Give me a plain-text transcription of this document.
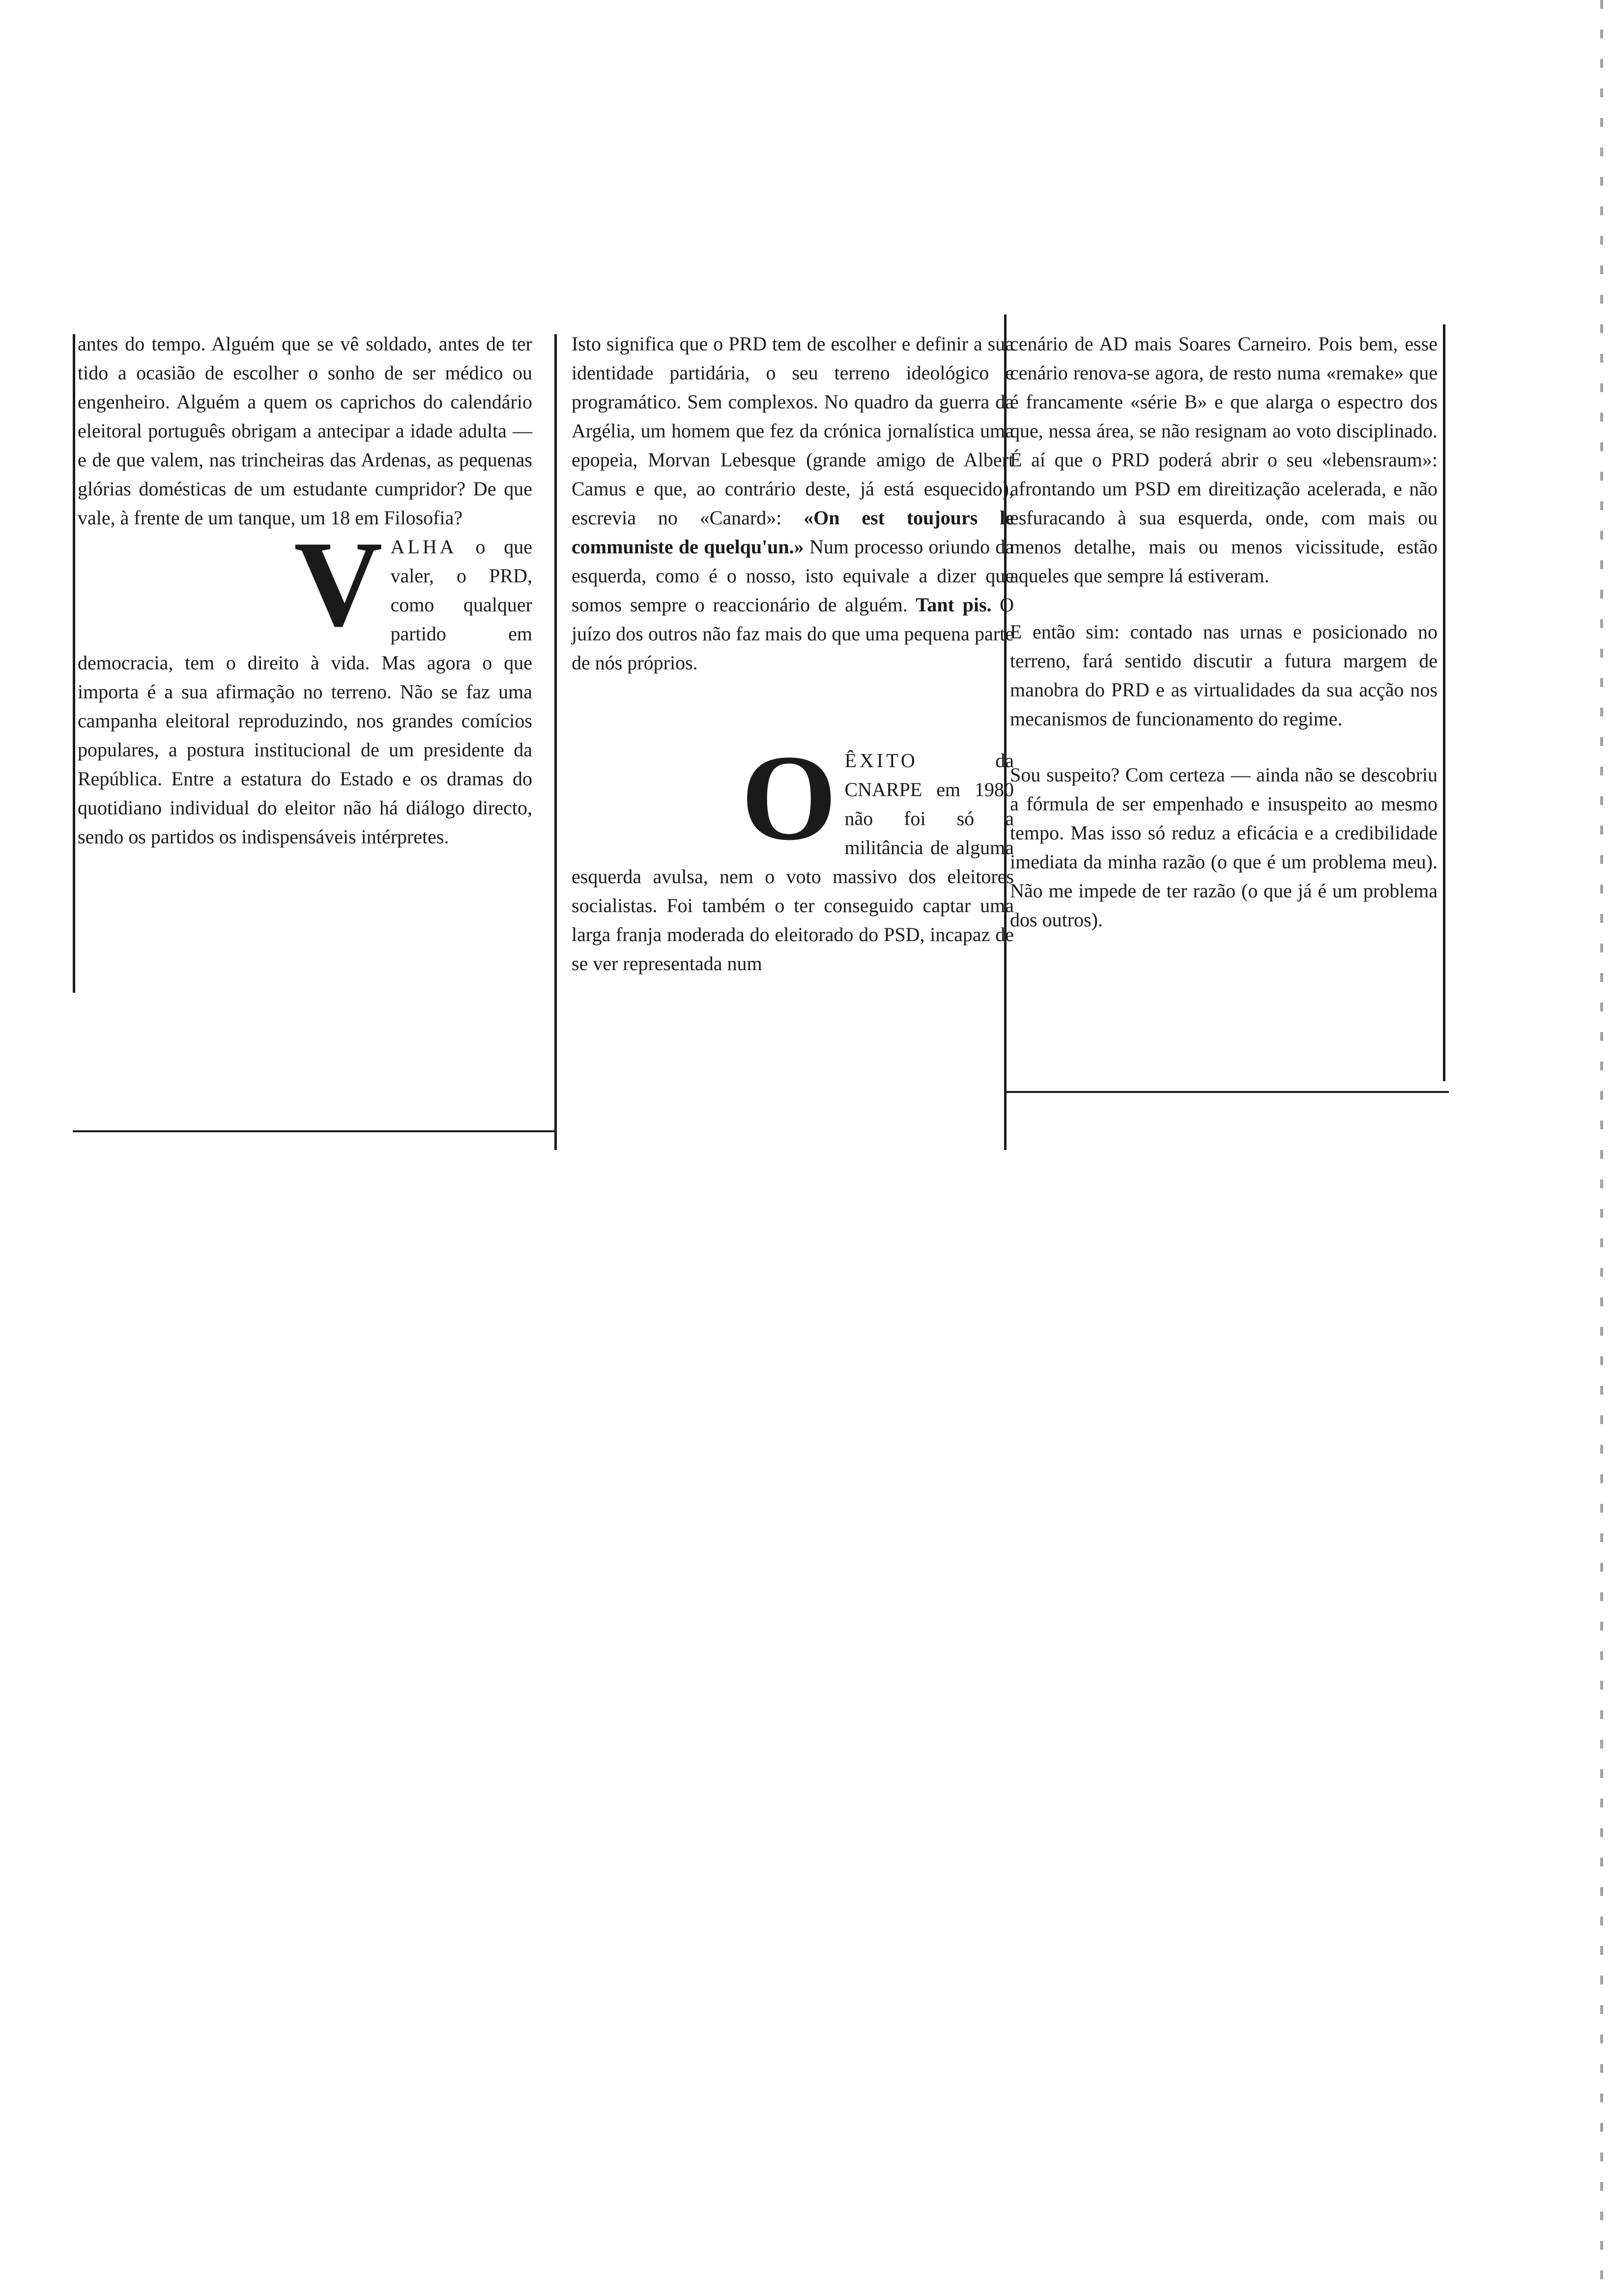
antes do tempo. Alguém que se vê soldado, antes de ter tido a ocasião de escolher o sonho de ser médico ou engenheiro. Alguém a quem os caprichos do calendário eleitoral português obrigam a antecipar a idade adulta — e de que valem, nas trincheiras das Ardenas, as pequenas glórias domésticas de um estudante cumpridor? De que vale, à frente de um tanque, um 18 em Filosofia?

VALHA o que valer, o PRD, como qualquer partido em democracia, tem o direito à vida. Mas agora o que importa é a sua afirmação no terreno. Não se faz uma campanha eleitoral reproduzindo, nos grandes comícios populares, a postura institucional de um presidente da República. Entre a estatura do Estado e os dramas do quotidiano individual do eleitor não há diálogo directo, sendo os partidos os indispensáveis intérpretes.

Isto significa que o PRD tem de escolher e definir a sua identidade partidária, o seu terreno ideológico e programático. Sem complexos. No quadro da guerra da Argélia, um homem que fez da crónica jornalística uma epopeia, Morvan Lebesque (grande amigo de Albert Camus e que, ao contrário deste, já está esquecido), escrevia no «Canard»: «On est toujours le communiste de quelqu'un.» Num processo oriundo da esquerda, como é o nosso, isto equivale a dizer que somos sempre o reaccionário de alguém. Tant pis. O juízo dos outros não faz mais do que uma pequena parte de nós próprios.

OÊXITO da CNARPE em 1980 não foi só a militância de alguma esquerda avulsa, nem o voto massivo dos eleitores socialistas. Foi também o ter conseguido captar uma larga franja moderada do eleitorado do PSD, incapaz de se ver representada num

cenário de AD mais Soares Carneiro. Pois bem, esse cenário renova-se agora, de resto numa «remake» que é francamente «série B» e que alarga o espectro dos que, nessa área, se não resignam ao voto disciplinado. É aí que o PRD poderá abrir o seu «lebensraum»: afrontando um PSD em direitização acelerada, e não esfuracando à sua esquerda, onde, com mais ou menos detalhe, mais ou menos vicissitude, estão aqueles que sempre lá estiveram.

E então sim: contado nas urnas e posicionado no terreno, fará sentido discutir a futura margem de manobra do PRD e as virtualidades da sua acção nos mecanismos de funcionamento do regime.

Sou suspeito? Com certeza — ainda não se descobriu a fórmula de ser empenhado e insuspeito ao mesmo tempo. Mas isso só reduz a eficácia e a credibilidade imediata da minha razão (o que é um problema meu). Não me impede de ter razão (o que já é um problema dos outros).
